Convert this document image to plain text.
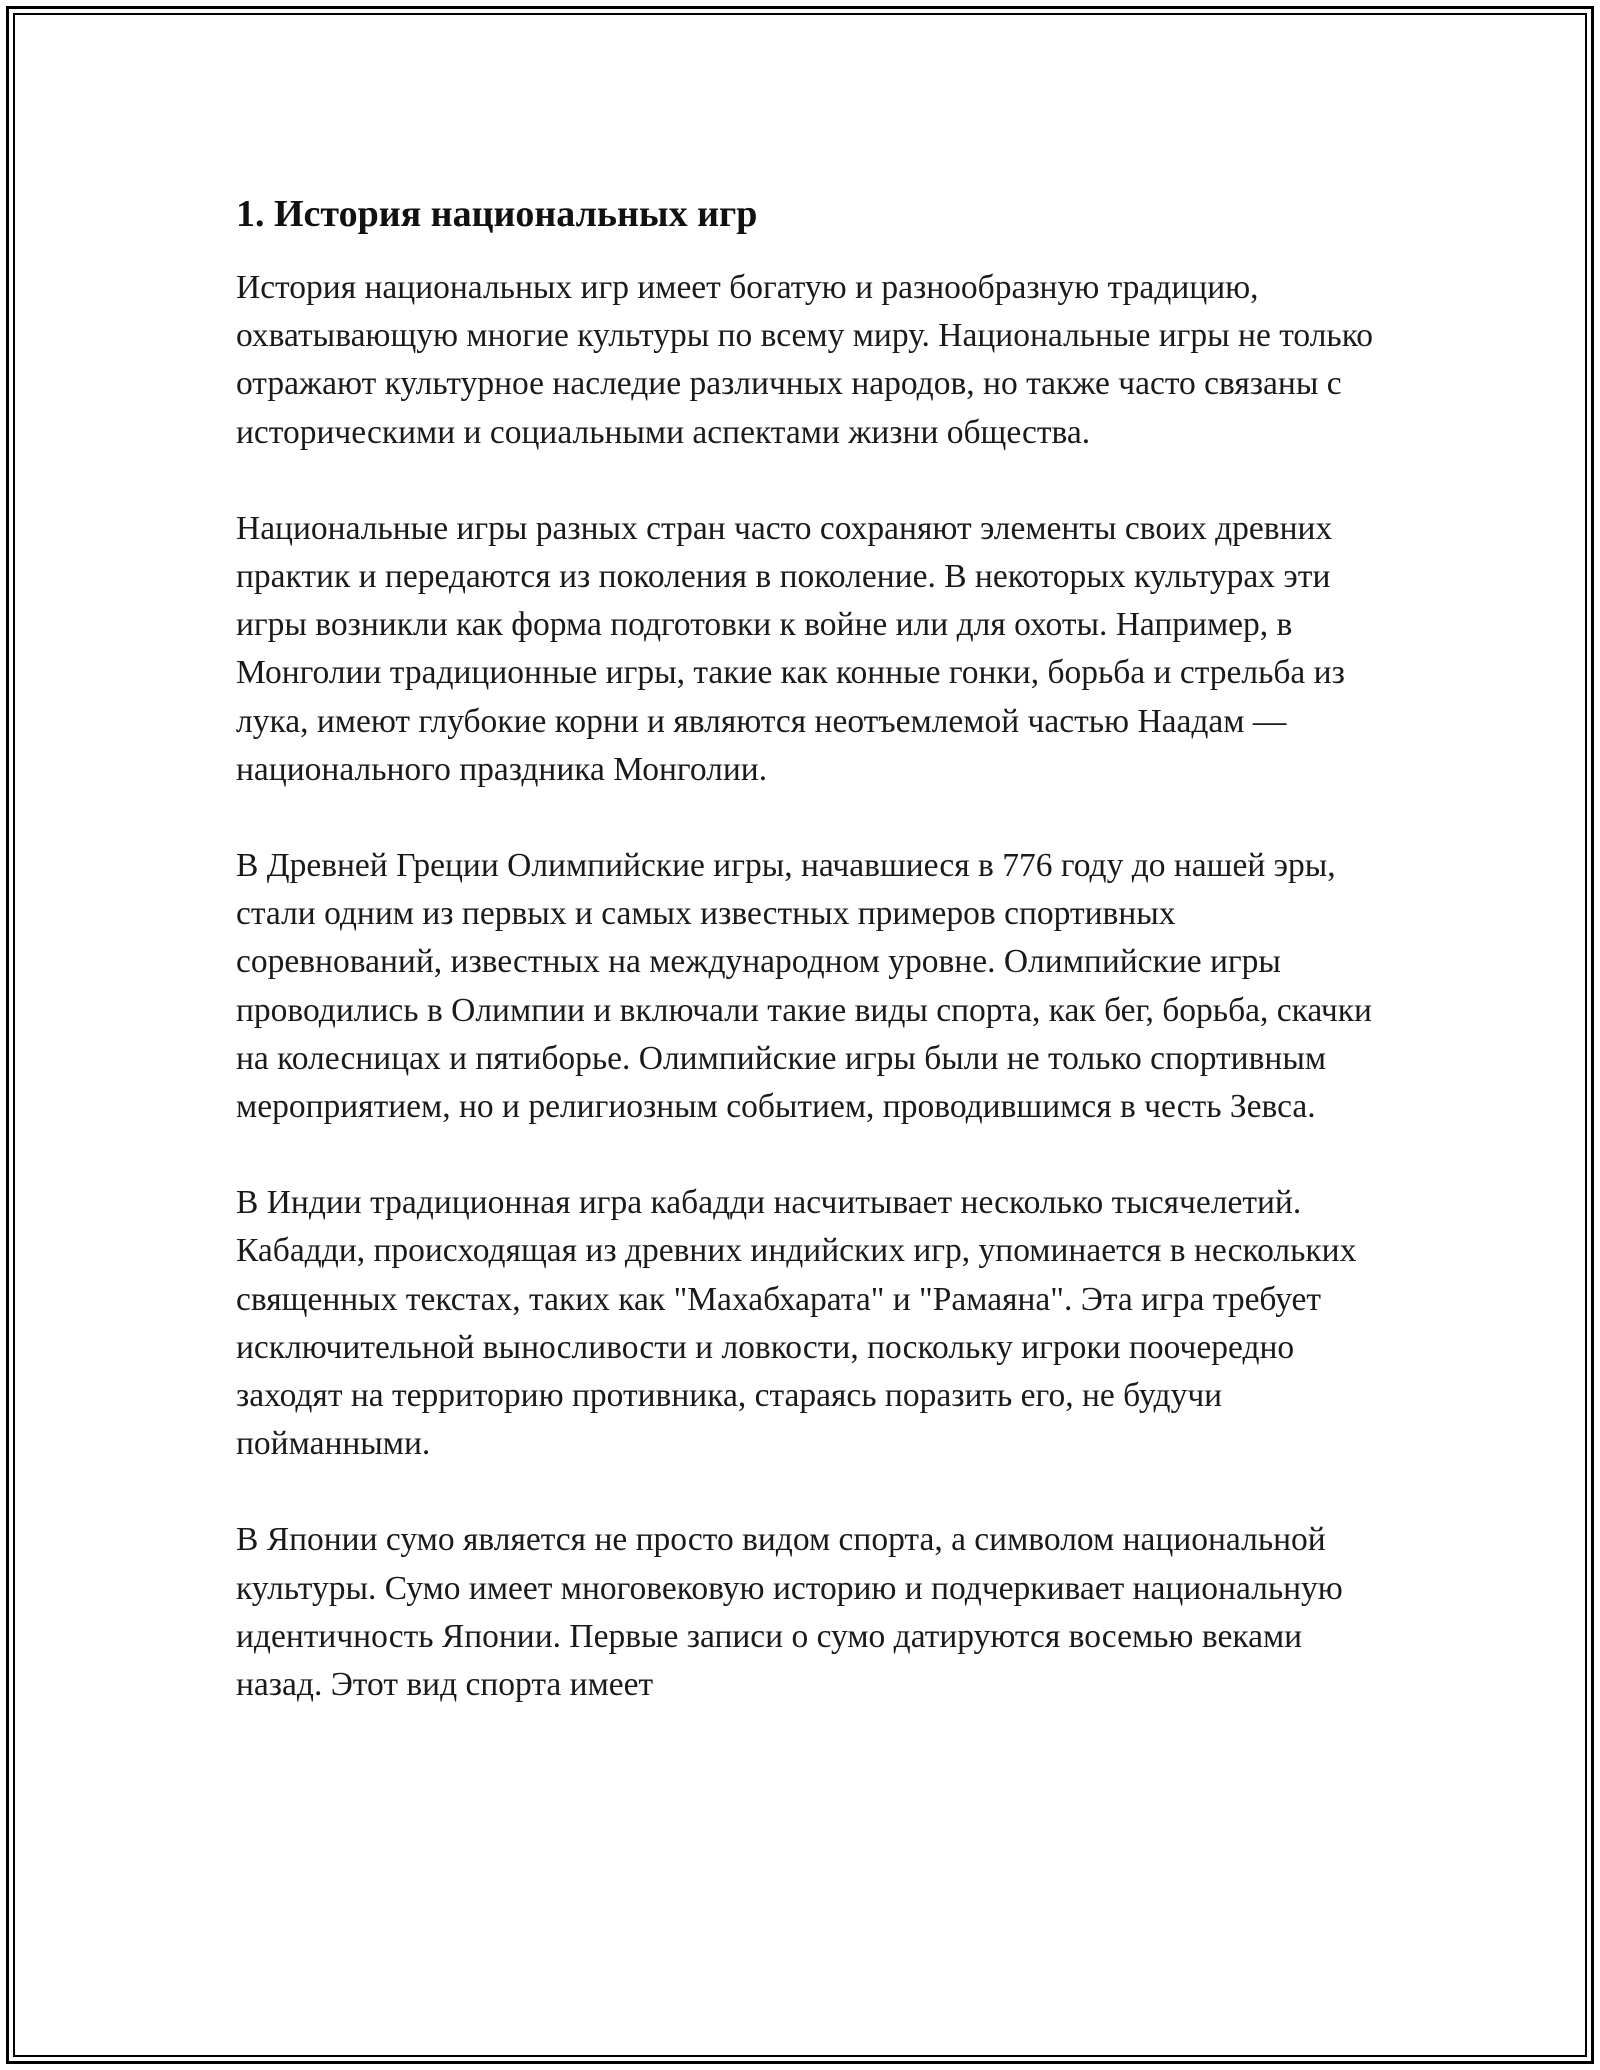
1. История национальных игр

История национальных игр имеет богатую и разнообразную традицию, охватывающую многие культуры по всему миру. Национальные игры не только отражают культурное наследие различных народов, но также часто связаны с историческими и социальными аспектами жизни общества.

Национальные игры разных стран часто сохраняют элементы своих древних практик и передаются из поколения в поколение. В некоторых культурах эти игры возникли как форма подготовки к войне или для охоты. Например, в Монголии традиционные игры, такие как конные гонки, борьба и стрельба из лука, имеют глубокие корни и являются неотъемлемой частью Наадам — национального праздника Монголии.

В Древней Греции Олимпийские игры, начавшиеся в 776 году до нашей эры, стали одним из первых и самых известных примеров спортивных соревнований, известных на международном уровне. Олимпийские игры проводились в Олимпии и включали такие виды спорта, как бег, борьба, скачки на колесницах и пятиборье. Олимпийские игры были не только спортивным мероприятием, но и религиозным событием, проводившимся в честь Зевса.

В Индии традиционная игра кабадди насчитывает несколько тысячелетий. Кабадди, происходящая из древних индийских игр, упоминается в нескольких священных текстах, таких как "Махабхарата" и "Рамаяна". Эта игра требует исключительной выносливости и ловкости, поскольку игроки поочередно заходят на территорию противника, стараясь поразить его, не будучи пойманными.

В Японии сумо является не просто видом спорта, а символом национальной культуры. Сумо имеет многовековую историю и подчеркивает национальную идентичность Японии. Первые записи о сумо датируются восемью веками назад. Этот вид спорта имеет
